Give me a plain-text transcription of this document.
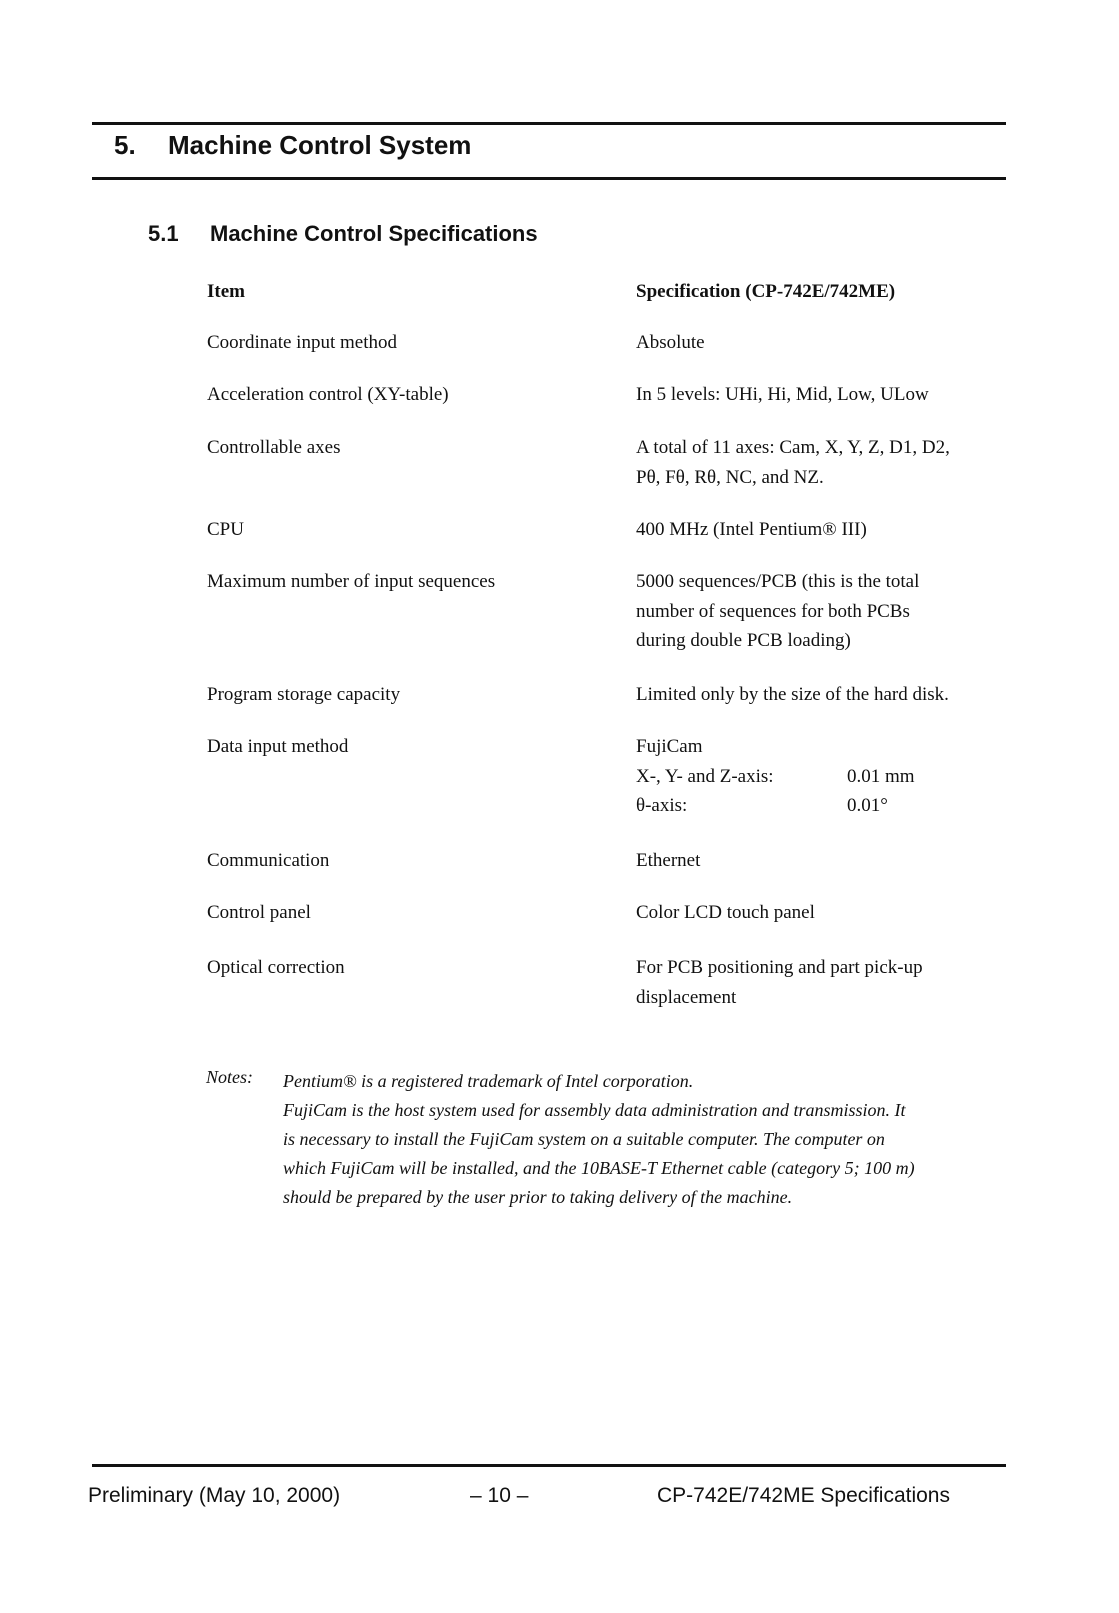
5. Machine Control System
5.1 Machine Control Specifications
Item	Specification (CP-742E/742ME)
Coordinate input method	Absolute
Acceleration control (XY-table)	In 5 levels: UHi, Hi, Mid, Low, ULow
Controllable axes	A total of 11 axes: Cam, X, Y, Z, D1, D2,
Pθ, Fθ, Rθ, NC, and NZ.
CPU	400 MHz (Intel Pentium® III)
Maximum number of input sequences	5000 sequences/PCB (this is the total
number of sequences for both PCBs
during double PCB loading)
Program storage capacity	Limited only by the size of the hard disk.
Data input method	FujiCam
X-, Y- and Z-axis:	0.01 mm
θ-axis:	0.01°
Communication	Ethernet
Control panel	Color LCD touch panel
Optical correction	For PCB positioning and part pick-up
displacement
Notes: Pentium® is a registered trademark of Intel corporation.
FujiCam is the host system used for assembly data administration and transmission. It
is necessary to install the FujiCam system on a suitable computer. The computer on
which FujiCam will be installed, and the 10BASE-T Ethernet cable (category 5; 100 m)
should be prepared by the user prior to taking delivery of the machine.
Preliminary (May 10, 2000)	– 10 –	CP-742E/742ME Specifications
